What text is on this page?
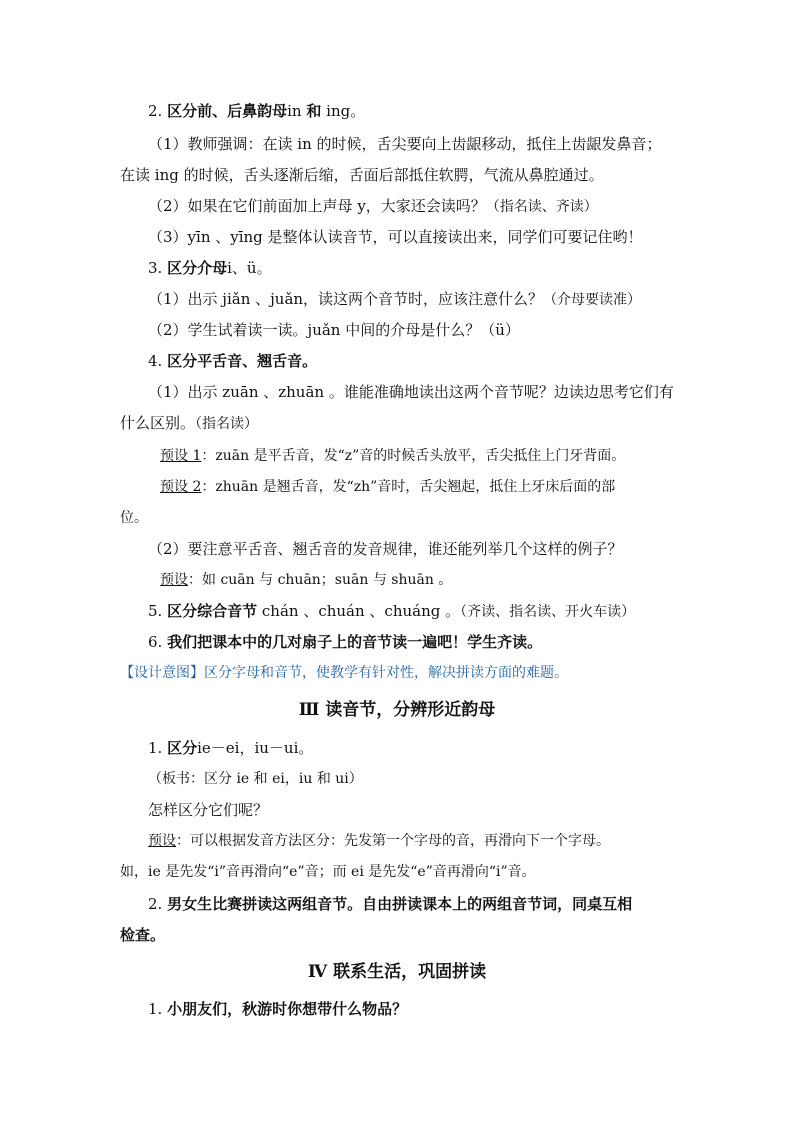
2. 区分前、后鼻韵母in 和 ing。
（1）教师强调：在读 in 的时候，舌尖要向上齿龈移动，抵住上齿龈发鼻音；
在读 ing 的时候，舌头逐渐后缩，舌面后部抵住软腭，气流从鼻腔通过。
（2）如果在它们前面加上声母 y，大家还会读吗？（指名读、齐读）
（3）yīn 、yīng 是整体认读音节，可以直接读出来，同学们可要记住哟！
3. 区分介母i、ü。
（1）出示 jiǎn 、juǎn，读这两个音节时，应该注意什么？（介母要读准）
（2）学生试着读一读。juǎn 中间的介母是什么？（ü）
4. 区分平舌音、翘舌音。
（1）出示 zuān 、zhuān 。谁能准确地读出这两个音节呢？边读边思考它们有
什么区别。（指名读）
预设 1：zuān 是平舌音，发“z”音的时候舌头放平，舌尖抵住上门牙背面。
预设 2：zhuān 是翘舌音，发“zh”音时，舌尖翘起，抵住上牙床后面的部
位。
（2）要注意平舌音、翘舌音的发音规律，谁还能列举几个这样的例子？
预设：如 cuān 与 chuān；suān 与 shuān 。
5. 区分综合音节 chán 、chuán 、chuáng 。（齐读、指名读、开火车读）
6. 我们把课本中的几对扇子上的音节读一遍吧！学生齐读。
【设计意图】区分字母和音节，使教学有针对性，解决拼读方面的难题。
Ⅲ 读音节，分辨形近韵母
1. 区分ie－ei，iu－ui。
（板书：区分 ie 和 ei，iu 和 ui）
怎样区分它们呢？
预设：可以根据发音方法区分：先发第一个字母的音，再滑向下一个字母。
如，ie 是先发“i”音再滑向“e”音；而 ei 是先发“e”音再滑向“i”音。
2. 男女生比赛拼读这两组音节。自由拼读课本上的两组音节词，同桌互相
检查。
Ⅳ 联系生活，巩固拼读
1. 小朋友们，秋游时你想带什么物品？
